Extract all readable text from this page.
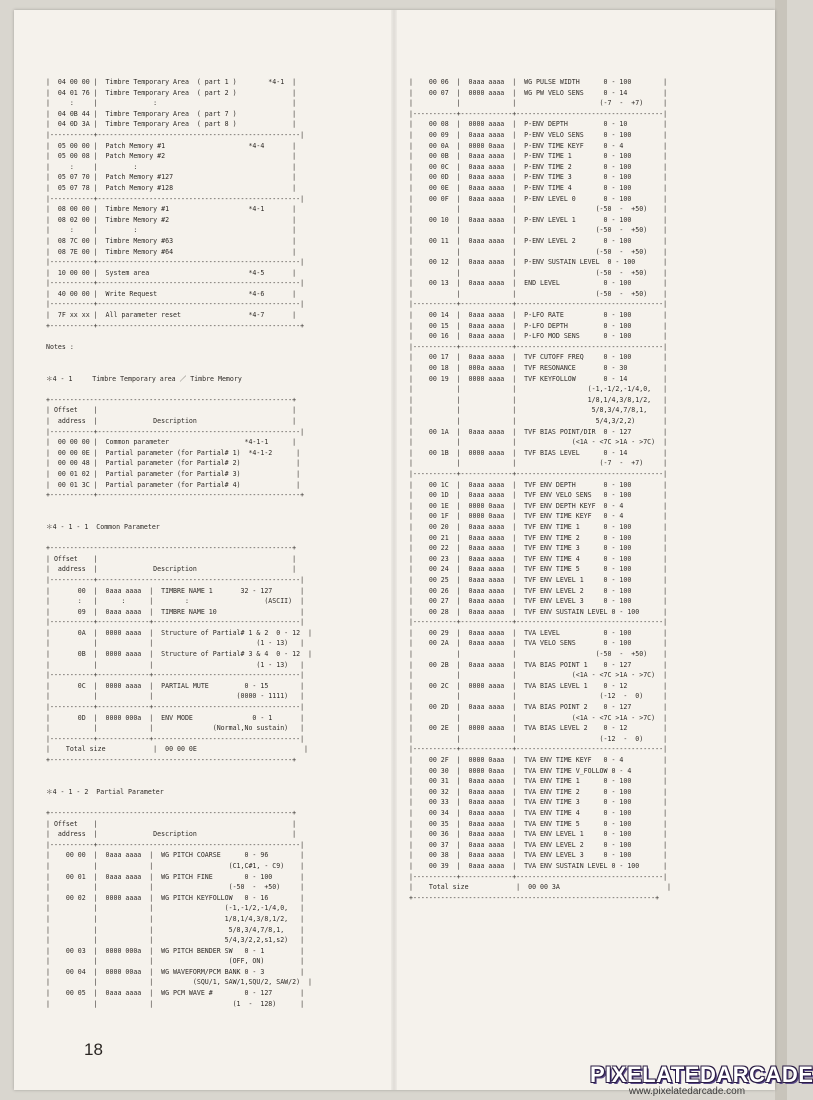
|  04 00 00 |  Timbre Temporary Area  ( part 1 )        *4-1  |
|  04 01 76 |  Timbre Temporary Area  ( part 2 )              |
|     :     |              :                                  |
|  04 0B 44 |  Timbre Temporary Area  ( part 7 )              |
|  04 0D 3A |  Timbre Temporary Area  ( part 8 )              |
|-----------+---------------------------------------------------|
|  05 00 00 |  Patch Memory #1                     *4-4       |
|  05 00 08 |  Patch Memory #2                                |
|     :     |         :                                       |
|  05 07 70 |  Patch Memory #127                              |
|  05 07 78 |  Patch Memory #128                              |
|-----------+---------------------------------------------------|
|  08 00 00 |  Timbre Memory #1                    *4-1       |
|  08 02 00 |  Timbre Memory #2                               |
|     :     |         :                                       |
|  08 7C 00 |  Timbre Memory #63                              |
|  08 7E 00 |  Timbre Memory #64                              |
|-----------+---------------------------------------------------|
|  10 00 00 |  System area                         *4-5       |
|-----------+---------------------------------------------------|
|  40 00 00 |  Write Request                       *4-6       |
|-----------+---------------------------------------------------|
|  7F xx xx |  All parameter reset                 *4-7       |
+-----------+---------------------------------------------------+

Notes :

＊4 - 1     Timbre Temporary area ／ Timbre Memory

+-------------------------------------------------------------+
| Offset    |                                                 |
|  address  |              Description                        |
|-----------+---------------------------------------------------|
|  00 00 00 |  Common parameter                   *4-1-1      |
|  00 00 0E |  Partial parameter (for Partial# 1)  *4-1-2      |
|  00 00 48 |  Partial parameter (for Partial# 2)              |
|  00 01 02 |  Partial parameter (for Partial# 3)              |
|  00 01 3C |  Partial parameter (for Partial# 4)              |
+-----------+---------------------------------------------------+

＊4 - 1 - 1  Common Parameter

+-------------------------------------------------------------+
| Offset    |                                                 |
|  address  |              Description                        |
|-----------+---------------------------------------------------|
|       00  |  0aaa aaaa  |  TIMBRE NAME 1       32 - 127       |
|       :   |      :      |        :                   (ASCII)  |
|       09  |  0aaa aaaa  |  TIMBRE NAME 10                     |
|-----------+-------------+-------------------------------------|
|       0A  |  0000 aaaa  |  Structure of Partial# 1 & 2  0 - 12  |
|           |             |                          (1 - 13)   |
|       0B  |  0000 aaaa  |  Structure of Partial# 3 & 4  0 - 12  |
|           |             |                          (1 - 13)   |
|-----------+-------------+-------------------------------------|
|       0C  |  0000 aaaa  |  PARTIAL MUTE         0 - 15        |
|           |             |                     (0000 - 1111)   |
|-----------+-------------+-------------------------------------|
|       0D  |  0000 000a  |  ENV MODE               0 - 1       |
|           |             |               (Normal,No sustain)   |
|-----------+-------------+-------------------------------------|
|    Total size            |  00 00 0E                           |
+-------------------------------------------------------------+

＊4 - 1 - 2  Partial Parameter

+-------------------------------------------------------------+
| Offset    |                                                 |
|  address  |              Description                        |
|-----------+---------------------------------------------------|
|    00 00  |  0aaa aaaa  |  WG PITCH COARSE      0 - 96        |
|           |             |                   (C1,C#1, - C9)    |
|    00 01  |  0aaa aaaa  |  WG PITCH FINE        0 - 100       |
|           |             |                   (-50  -  +50)     |
|    00 02  |  0000 aaaa  |  WG PITCH KEYFOLLOW   0 - 16        |
|           |             |                  (-1,-1/2,-1/4,0,   |
|           |             |                  1/8,1/4,3/8,1/2,   |
|           |             |                   5/8,3/4,7/8,1,    |
|           |             |                  5/4,3/2,2,s1,s2)   |
|    00 03  |  0000 000a  |  WG PITCH BENDER SW   0 - 1         |
|           |             |                   (OFF, ON)         |
|    00 04  |  0000 00aa  |  WG WAVEFORM/PCM BANK 0 - 3         |
|           |             |          (SQU/1, SAW/1,SQU/2, SAW/2)  |
|    00 05  |  0aaa aaaa  |  WG PCM WAVE #        0 - 127       |
|           |             |                    (1  -  128)      |
|    00 06  |  0aaa aaaa  |  WG PULSE WIDTH      0 - 100        |
|    00 07  |  0000 aaaa  |  WG PW VELO SENS     0 - 14         |
|           |             |                     (-7  -  +7)     |
|-----------+-------------+-------------------------------------|
|    00 08  |  0000 aaaa  |  P-ENV DEPTH         0 - 10         |
|    00 09  |  0aaa aaaa  |  P-ENV VELO SENS     0 - 100        |
|    00 0A  |  0000 0aaa  |  P-ENV TIME KEYF     0 - 4          |
|    00 0B  |  0aaa aaaa  |  P-ENV TIME 1        0 - 100        |
|    00 0C  |  0aaa aaaa  |  P-ENV TIME 2        0 - 100        |
|    00 0D  |  0aaa aaaa  |  P-ENV TIME 3        0 - 100        |
|    00 0E  |  0aaa aaaa  |  P-ENV TIME 4        0 - 100        |
|    00 0F  |  0aaa aaaa  |  P-ENV LEVEL 0       0 - 100        |
|           |             |                    (-50  -  +50)    |
|    00 10  |  0aaa aaaa  |  P-ENV LEVEL 1       0 - 100        |
|           |             |                    (-50  -  +50)    |
|    00 11  |  0aaa aaaa  |  P-ENV LEVEL 2       0 - 100        |
|           |             |                    (-50  -  +50)    |
|    00 12  |  0aaa aaaa  |  P-ENV SUSTAIN LEVEL  0 - 100       |
|           |             |                    (-50  -  +50)    |
|    00 13  |  0aaa aaaa  |  END LEVEL           0 - 100        |
|           |             |                    (-50  -  +50)    |
|-----------+-------------+-------------------------------------|
|    00 14  |  0aaa aaaa  |  P-LFO RATE          0 - 100        |
|    00 15  |  0aaa aaaa  |  P-LFO DEPTH         0 - 100        |
|    00 16  |  0aaa aaaa  |  P-LFO MOD SENS      0 - 100        |
|-----------+-------------+-------------------------------------|
|    00 17  |  0aaa aaaa  |  TVF CUTOFF FREQ     0 - 100        |
|    00 18  |  000a aaaa  |  TVF RESONANCE       0 - 30         |
|    00 19  |  0000 aaaa  |  TVF KEYFOLLOW       0 - 14         |
|           |             |                  (-1,-1/2,-1/4,0,   |
|           |             |                  1/8,1/4,3/8,1/2,   |
|           |             |                   5/8,3/4,7/8,1,    |
|           |             |                    5/4,3/2,2)       |
|    00 1A  |  0aaa aaaa  |  TVF BIAS POINT/DIR  0 - 127        |
|           |             |              (<1A - <7C >1A - >7C)  |
|    00 1B  |  0000 aaaa  |  TVF BIAS LEVEL      0 - 14         |
|           |             |                     (-7  -  +7)     |
|-----------+-------------+-------------------------------------|
|    00 1C  |  0aaa aaaa  |  TVF ENV DEPTH       0 - 100        |
|    00 1D  |  0aaa aaaa  |  TVF ENV VELO SENS   0 - 100        |
|    00 1E  |  0000 0aaa  |  TVF ENV DEPTH KEYF  0 - 4          |
|    00 1F  |  0000 0aaa  |  TVF ENV TIME KEYF   0 - 4          |
|    00 20  |  0aaa aaaa  |  TVF ENV TIME 1      0 - 100        |
|    00 21  |  0aaa aaaa  |  TVF ENV TIME 2      0 - 100        |
|    00 22  |  0aaa aaaa  |  TVF ENV TIME 3      0 - 100        |
|    00 23  |  0aaa aaaa  |  TVF ENV TIME 4      0 - 100        |
|    00 24  |  0aaa aaaa  |  TVF ENV TIME 5      0 - 100        |
|    00 25  |  0aaa aaaa  |  TVF ENV LEVEL 1     0 - 100        |
|    00 26  |  0aaa aaaa  |  TVF ENV LEVEL 2     0 - 100        |
|    00 27  |  0aaa aaaa  |  TVF ENV LEVEL 3     0 - 100        |
|    00 28  |  0aaa aaaa  |  TVF ENV SUSTAIN LEVEL 0 - 100      |
|-----------+-------------+-------------------------------------|
|    00 29  |  0aaa aaaa  |  TVA LEVEL           0 - 100        |
|    00 2A  |  0aaa aaaa  |  TVA VELO SENS       0 - 100        |
|           |             |                    (-50  -  +50)    |
|    00 2B  |  0aaa aaaa  |  TVA BIAS POINT 1    0 - 127        |
|           |             |              (<1A - <7C >1A - >7C)  |
|    00 2C  |  0000 aaaa  |  TVA BIAS LEVEL 1    0 - 12         |
|           |             |                     (-12  -  0)     |
|    00 2D  |  0aaa aaaa  |  TVA BIAS POINT 2    0 - 127        |
|           |             |              (<1A - <7C >1A - >7C)  |
|    00 2E  |  0000 aaaa  |  TVA BIAS LEVEL 2    0 - 12         |
|           |             |                     (-12  -  0)     |
|-----------+-------------+-------------------------------------|
|    00 2F  |  0000 0aaa  |  TVA ENV TIME KEYF   0 - 4          |
|    00 30  |  0000 0aaa  |  TVA ENV TIME V_FOLLOW 0 - 4        |
|    00 31  |  0aaa aaaa  |  TVA ENV TIME 1      0 - 100        |
|    00 32  |  0aaa aaaa  |  TVA ENV TIME 2      0 - 100        |
|    00 33  |  0aaa aaaa  |  TVA ENV TIME 3      0 - 100        |
|    00 34  |  0aaa aaaa  |  TVA ENV TIME 4      0 - 100        |
|    00 35  |  0aaa aaaa  |  TVA ENV TIME 5      0 - 100        |
|    00 36  |  0aaa aaaa  |  TVA ENV LEVEL 1     0 - 100        |
|    00 37  |  0aaa aaaa  |  TVA ENV LEVEL 2     0 - 100        |
|    00 38  |  0aaa aaaa  |  TVA ENV LEVEL 3     0 - 100        |
|    00 39  |  0aaa aaaa  |  TVA ENV SUSTAIN LEVEL 0 - 100      |
|-----------+-------------+-------------------------------------|
|    Total size            |  00 00 3A                           |
+-------------------------------------------------------------+
18
PIXELATEDARCADE
www.pixelatedarcade.com
